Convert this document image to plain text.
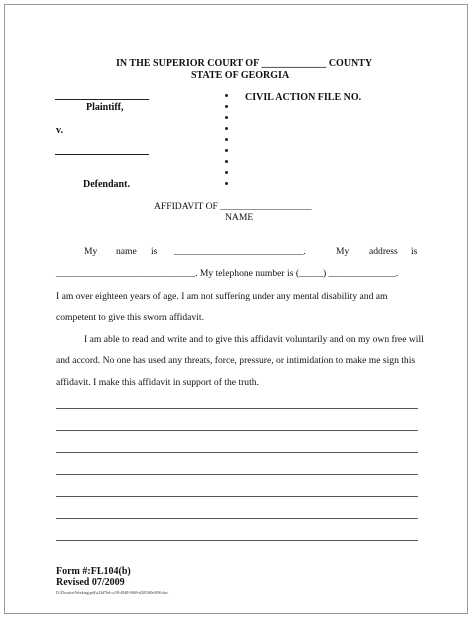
IN THE SUPERIOR COURT OF _____________ COUNTY
STATE OF GEORGIA
Plaintiff,
v.
Defendant.
CIVIL ACTION FILE NO.
AFFIDAVIT OF ___________________
NAME
My name is ___________________________.	My address is
_____________________________. My telephone number is (_____) ______________.
I am over eighteen years of age. I am not suffering under any mental disability and am
competent to give this sworn affidavit.
I am able to read and write and to give this affidavit voluntarily and on my own free will
and accord. No one has used any threats, force, pressure, or intimidation to make me sign this
affidavit. I make this affidavit in support of the truth.
Form #:FL104(b)
Revised 07/2009
D:\Docstor\Working\pdf\a23d76d-cc58-4948-9469-d2053f0e3f96.doc
